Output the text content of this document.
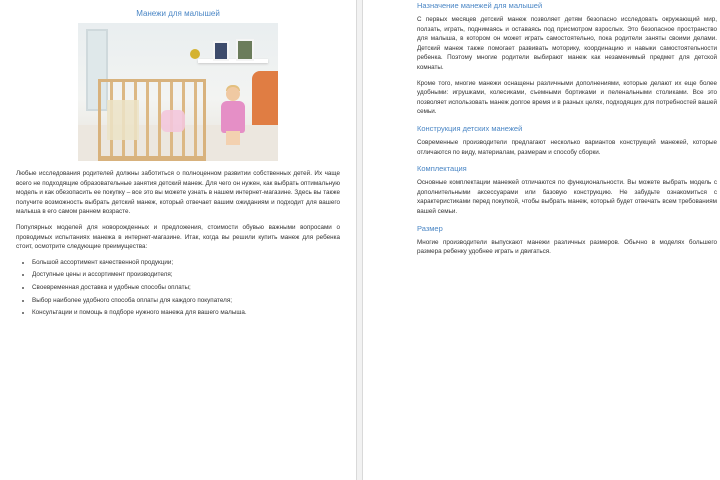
Манежи для малышей

Любые исследования родителей должны заботиться о полноценном развитии собственных детей. Их чаще всего не подходящие образовательные занятия детский манеж. Для чего он нужен, как выбрать оптимальную модель и как обезопасить ее покупку – все это вы можете узнать в нашем интернет-магазине. Здесь вы также получите возможность выбрать детский манеж, который отвечает вашим ожиданиям и подходит для вашего малыша в его самом раннем возрасте.

Популярных моделей для новорожденных и предложения, стоимости обувью важными вопросами о проводимых испытаниях манежа в интернет-магазине. Итак, когда вы решили купить манеж для ребенка стоит, осмотрите следующие преимущества:

• Большой ассортимент качественной продукции;
• Доступные цены и ассортимент производителя;
• Своевременная доставка и удобные способы оплаты;
• Выбор наиболее удобного способа оплаты для каждого покупателя;
• Консультации и помощь в подборе нужного манежа для вашего малыша.

Назначение манежей для малышей

С первых месяцев детский манеж позволяет детям безопасно исследовать окружающий мир, ползать, играть, поднимаясь и оставаясь под присмотром взрослых. Это безопасное пространство для малыша, в котором он может играть самостоятельно, пока родители заняты своими делами. Детский манеж также помогает развивать моторику, координацию и навыки самостоятельности ребенка. Поэтому многие родители выбирают манеж как незаменимый предмет для детской комнаты.

Кроме того, многие манежи оснащены различными дополнениями, которые делают их еще более удобными: игрушками, колесиками, съемными бортиками и пеленальными столиками. Все это позволяет использовать манеж долгое время и в разных целях, подходящих для потребностей вашей семьи.

Конструкция детских манежей

Современные производители предлагают несколько вариантов конструкций манежей, которые отличаются по виду, материалам, размерам и способу сборки.

Комплектация

Основные комплектации манежей отличаются по функциональности. Вы можете выбрать модель с дополнительными аксессуарами или базовую конструкцию. Не забудьте ознакомиться с характеристиками перед покупкой, чтобы выбрать манеж, который будет отвечать всем требованиям вашей семьи.

Размер

Многие производители выпускают манежи различных размеров. Обычно в моделях большего размера ребенку удобнее играть и двигаться.
